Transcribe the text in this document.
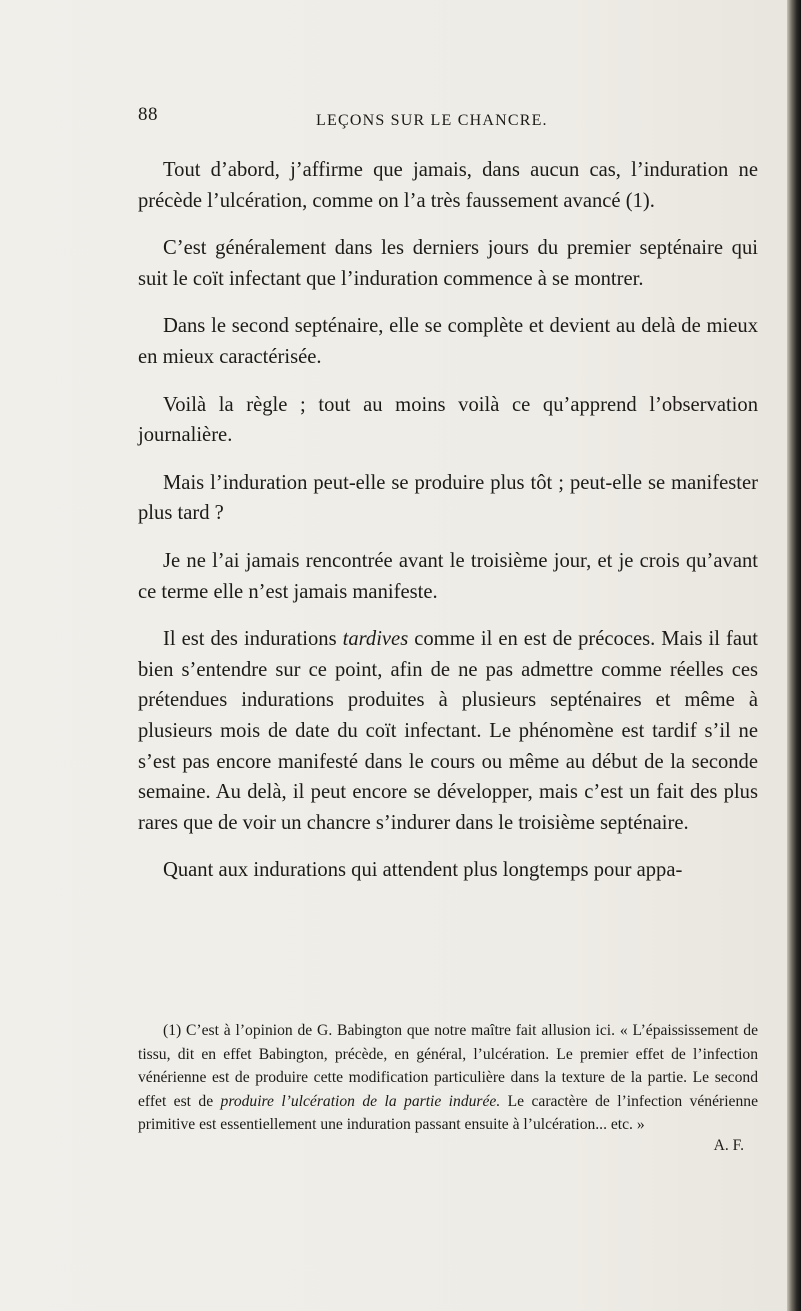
88	LEÇONS SUR LE CHANCRE.

Tout d’abord, j’affirme que jamais, dans aucun cas, l’induration ne précède l’ulcération, comme on l’a très faussement avancé (1).

C’est généralement dans les derniers jours du premier septénaire qui suit le coït infectant que l’induration commence à se montrer.

Dans le second septénaire, elle se complète et devient au delà de mieux en mieux caractérisée.

Voilà la règle ; tout au moins voilà ce qu’apprend l’observation journalière.

Mais l’induration peut-elle se produire plus tôt ; peut-elle se manifester plus tard ?

Je ne l’ai jamais rencontrée avant le troisième jour, et je crois qu’avant ce terme elle n’est jamais manifeste.

Il est des indurations tardives comme il en est de précoces. Mais il faut bien s’entendre sur ce point, afin de ne pas admettre comme réelles ces prétendues indurations produites à plusieurs septénaires et même à plusieurs mois de date du coït infectant. Le phénomène est tardif s’il ne s’est pas encore manifesté dans le cours ou même au début de la seconde semaine. Au delà, il peut encore se développer, mais c’est un fait des plus rares que de voir un chancre s’indurer dans le troisième septénaire.

Quant aux indurations qui attendent plus longtemps pour appa-

(1) C’est à l’opinion de G. Babington que notre maître fait allusion ici. « L’épaississement de tissu, dit en effet Babington, précède, en général, l’ulcération. Le premier effet de l’infection vénérienne est de produire cette modification particulière dans la texture de la partie. Le second effet est de produire l’ulcération de la partie indurée. Le caractère de l’infection vénérienne primitive est essentiellement une induration passant ensuite à l’ulcération... etc. »

A. F.
